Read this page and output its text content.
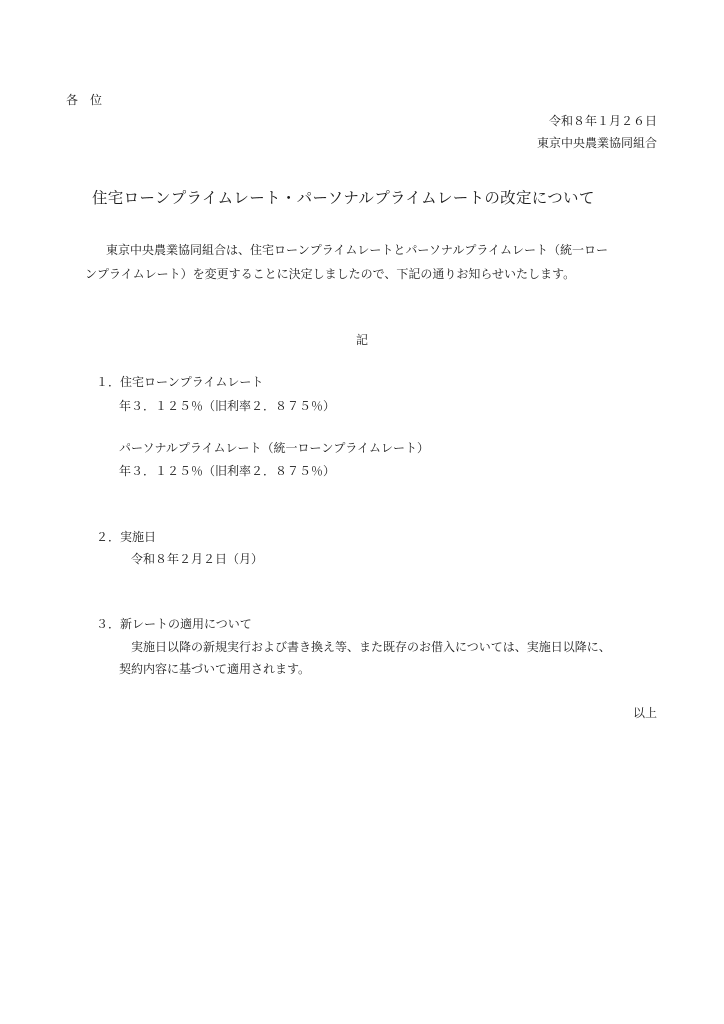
各　位
令和８年１月２６日
東京中央農業協同組合
住宅ローンプライムレート・パーソナルプライムレートの改定について
東京中央農業協同組合は、住宅ローンプライムレートとパーソナルプライムレート（統一ロー
ンプライムレート）を変更することに決定しましたので、下記の通りお知らせいたします。
記
１．住宅ローンプライムレート
年３．１２５％（旧利率２．８７５％）
パーソナルプライムレート（統一ローンプライムレート）
年３．１２５％（旧利率２．８７５％）
２．実施日
令和８年２月２日（月）
３．新レートの適用について
実施日以降の新規実行および書き換え等、また既存のお借入については、実施日以降に、
契約内容に基づいて適用されます。
以上
